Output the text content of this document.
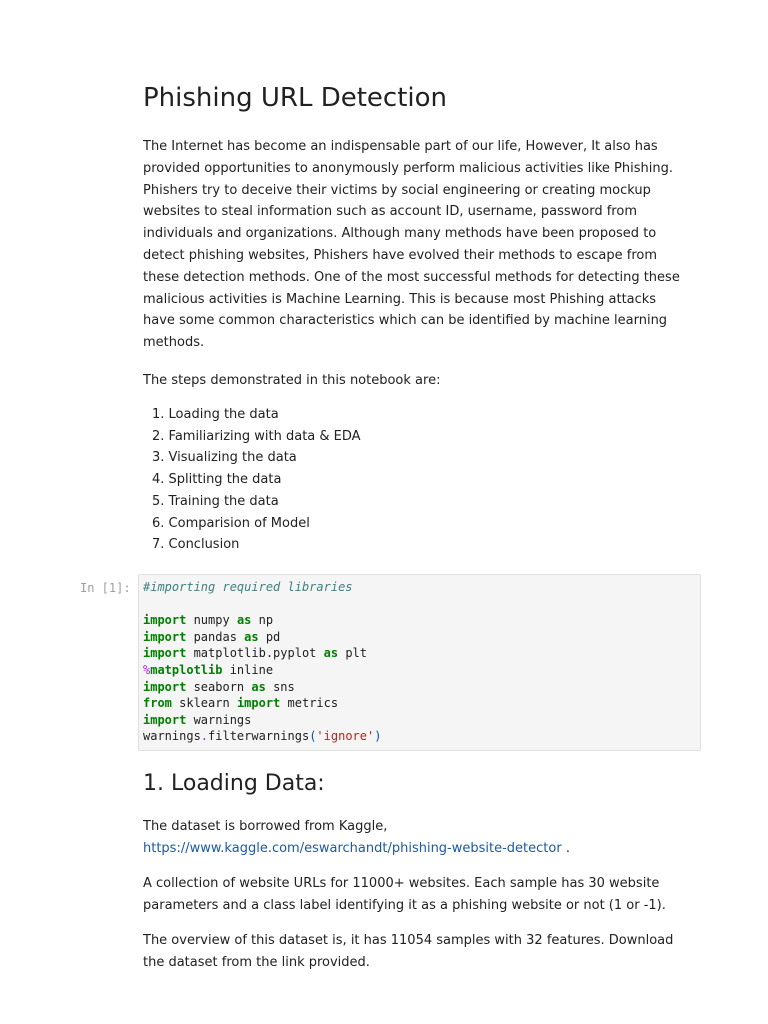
Phishing URL Detection

The Internet has become an indispensable part of our life, However, It also has provided opportunities to anonymously perform malicious activities like Phishing. Phishers try to deceive their victims by social engineering or creating mockup websites to steal information such as account ID, username, password from individuals and organizations. Although many methods have been proposed to detect phishing websites, Phishers have evolved their methods to escape from these detection methods. One of the most successful methods for detecting these malicious activities is Machine Learning. This is because most Phishing attacks have some common characteristics which can be identified by machine learning methods.

The steps demonstrated in this notebook are:

1. Loading the data
2. Familiarizing with data & EDA
3. Visualizing the data
4. Splitting the data
5. Training the data
6. Comparision of Model
7. Conclusion
In [1]:	#importing required libraries
import numpy as np
import pandas as pd
import matplotlib.pyplot as plt
%matplotlib inline
import seaborn as sns
from sklearn import metrics
import warnings
warnings.filterwarnings('ignore')
1. Loading Data:

The dataset is borrowed from Kaggle,
https://www.kaggle.com/eswarchandt/phishing-website-detector .

A collection of website URLs for 11000+ websites. Each sample has 30 website parameters and a class label identifying it as a phishing website or not (1 or -1).

The overview of this dataset is, it has 11054 samples with 32 features. Download the dataset from the link provided.
